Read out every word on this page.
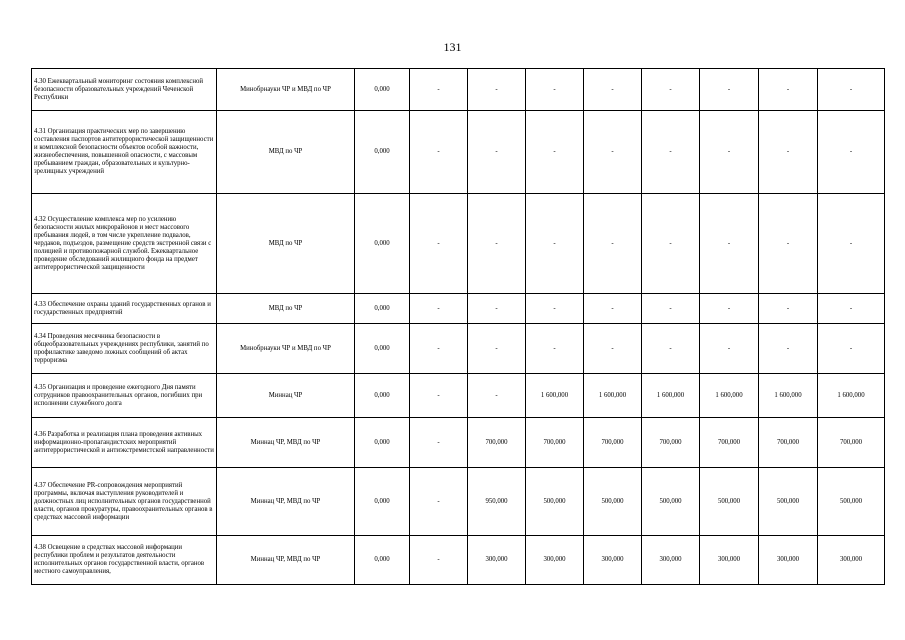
131
4.30 Ежеквартальный мониторинг состояния комплексной безопасности образовательных учреждений Чеченской Республики	Минобрнауки ЧР и МВД по ЧР	0,000	-	-	-	-	-	-	-	-
4.31 Организация практических мер по завершению составления паспортов антитеррористической защищенности и комплексной безопасности объектов особой важности, жизнеобеспечения, повышенной опасности, с массовым пребыванием граждан, образовательных и культурно-зрелищных учреждений	МВД по ЧР	0,000	-	-	-	-	-	-	-	-
4.32 Осуществление комплекса мер по усилению безопасности жилых микрорайонов и мест массового пребывания людей, в том числе укрепление подвалов, чердаков, подъездов, размещение средств экстренной связи с полицией и противопожарной службой. Ежеквартальное проведение обследований жилищного фонда на предмет антитеррористической защищенности	МВД по ЧР	0,000	-	-	-	-	-	-	-	-
4.33 Обеспечение охраны зданий государственных органов и государственных предприятий	МВД по ЧР	0,000	-	-	-	-	-	-	-	-
4.34 Проведения месячника безопасности в общеобразовательных учреждениях республики, занятий по профилактике заведомо ложных сообщений об актах терроризма	Минобрнауки ЧР и МВД по ЧР	0,000	-	-	-	-	-	-	-	-
4.35 Организация и проведение ежегодного Дня памяти сотрудников правоохранительных органов, погибших при исполнении служебного долга	Миннац ЧР	0,000	-	-	1 600,000	1 600,000	1 600,000	1 600,000	1 600,000	1 600,000
4.36 Разработка и реализация плана проведения активных информационно-пропагандистских мероприятий антитеррористической и антиэкстремистской направленности	Миннац ЧР, МВД по ЧР	0,000	-	700,000	700,000	700,000	700,000	700,000	700,000	700,000
4.37 Обеспечение PR-сопровождения мероприятий программы, включая выступления руководителей и должностных лиц исполнительных органов государственной власти, органов прокуратуры, правоохранительных органов в средствах массовой информации	Миннац ЧР, МВД по ЧР	0,000	-	950,000	500,000	500,000	500,000	500,000	500,000	500,000
4.38 Освещение в средствах массовой информации республики проблем и результатов деятельности исполнительных органов государственной власти, органов местного самоуправления,	Миннац ЧР, МВД по ЧР	0,000	-	300,000	300,000	300,000	300,000	300,000	300,000	300,000
